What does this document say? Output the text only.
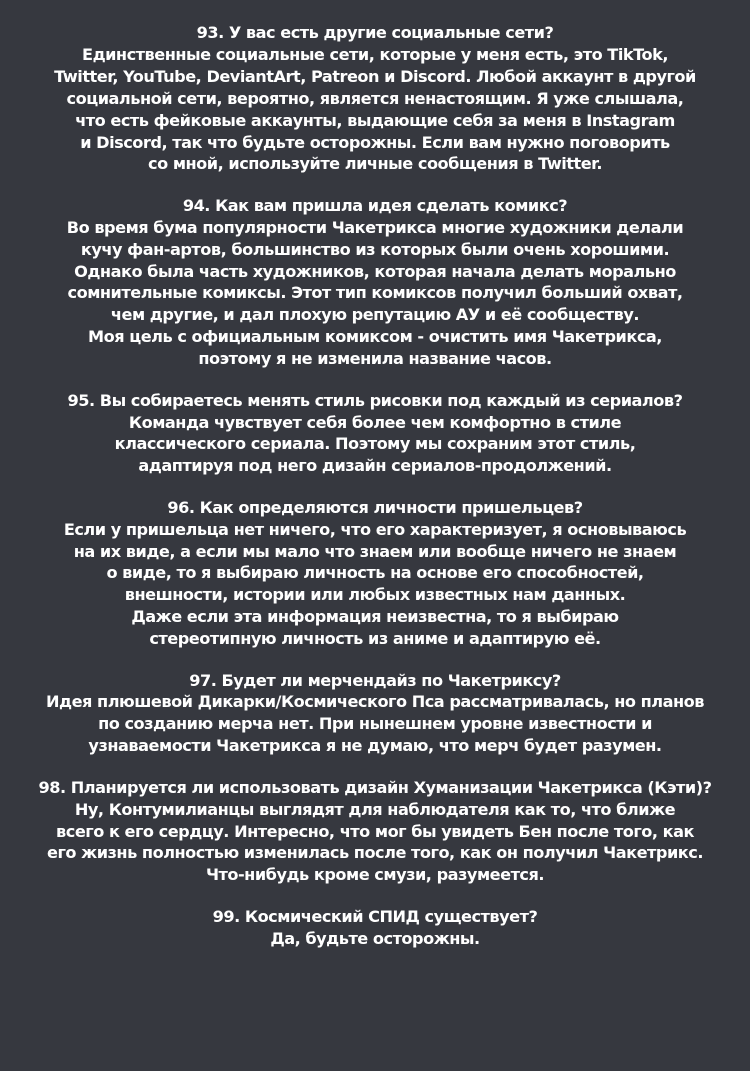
93. У вас есть другие социальные сети?
Единственные социальные сети, которые у меня есть, это TikTok,
Twitter, YouTube, DeviantArt, Patreon и Discord. Любой аккаунт в другой
социальной сети, вероятно, является ненастоящим. Я уже слышала,
что есть фейковые аккаунты, выдающие себя за меня в Instagram
и Discord, так что будьте осторожны. Если вам нужно поговорить
со мной, используйте личные сообщения в Twitter.
94. Как вам пришла идея сделать комикс?
Во время бума популярности Чакетрикса многие художники делали
кучу фан-артов, большинство из которых были очень хорошими.
Однако была часть художников, которая начала делать морально
сомнительные комиксы. Этот тип комиксов получил больший охват,
чем другие, и дал плохую репутацию АУ и её сообществу.
Моя цель с официальным комиксом - очистить имя Чакетрикса,
поэтому я не изменила название часов.
95. Вы собираетесь менять стиль рисовки под каждый из сериалов?
Команда чувствует себя более чем комфортно в стиле
классического сериала. Поэтому мы сохраним этот стиль,
адаптируя под него дизайн сериалов-продолжений.
96. Как определяются личности пришельцев?
Если у пришельца нет ничего, что его характеризует, я основываюсь
на их виде, а если мы мало что знаем или вообще ничего не знаем
о виде, то я выбираю личность на основе его способностей,
внешности, истории или любых известных нам данных.
Даже если эта информация неизвестна, то я выбираю
стереотипную личность из аниме и адаптирую её.
97. Будет ли мерчендайз по Чакетриксу?
Идея плюшевой Дикарки/Космического Пса рассматривалась, но планов
по созданию мерча нет. При нынешнем уровне известности и
узнаваемости Чакетрикса я не думаю, что мерч будет разумен.
98. Планируется ли использовать дизайн Хуманизации Чакетрикса (Кэти)?
Ну, Контумилианцы выглядят для наблюдателя как то, что ближе
всего к его сердцу. Интересно, что мог бы увидеть Бен после того, как
его жизнь полностью изменилась после того, как он получил Чакетрикс.
Что-нибудь кроме смузи, разумеется.
99. Космический СПИД существует?
Да, будьте осторожны.
